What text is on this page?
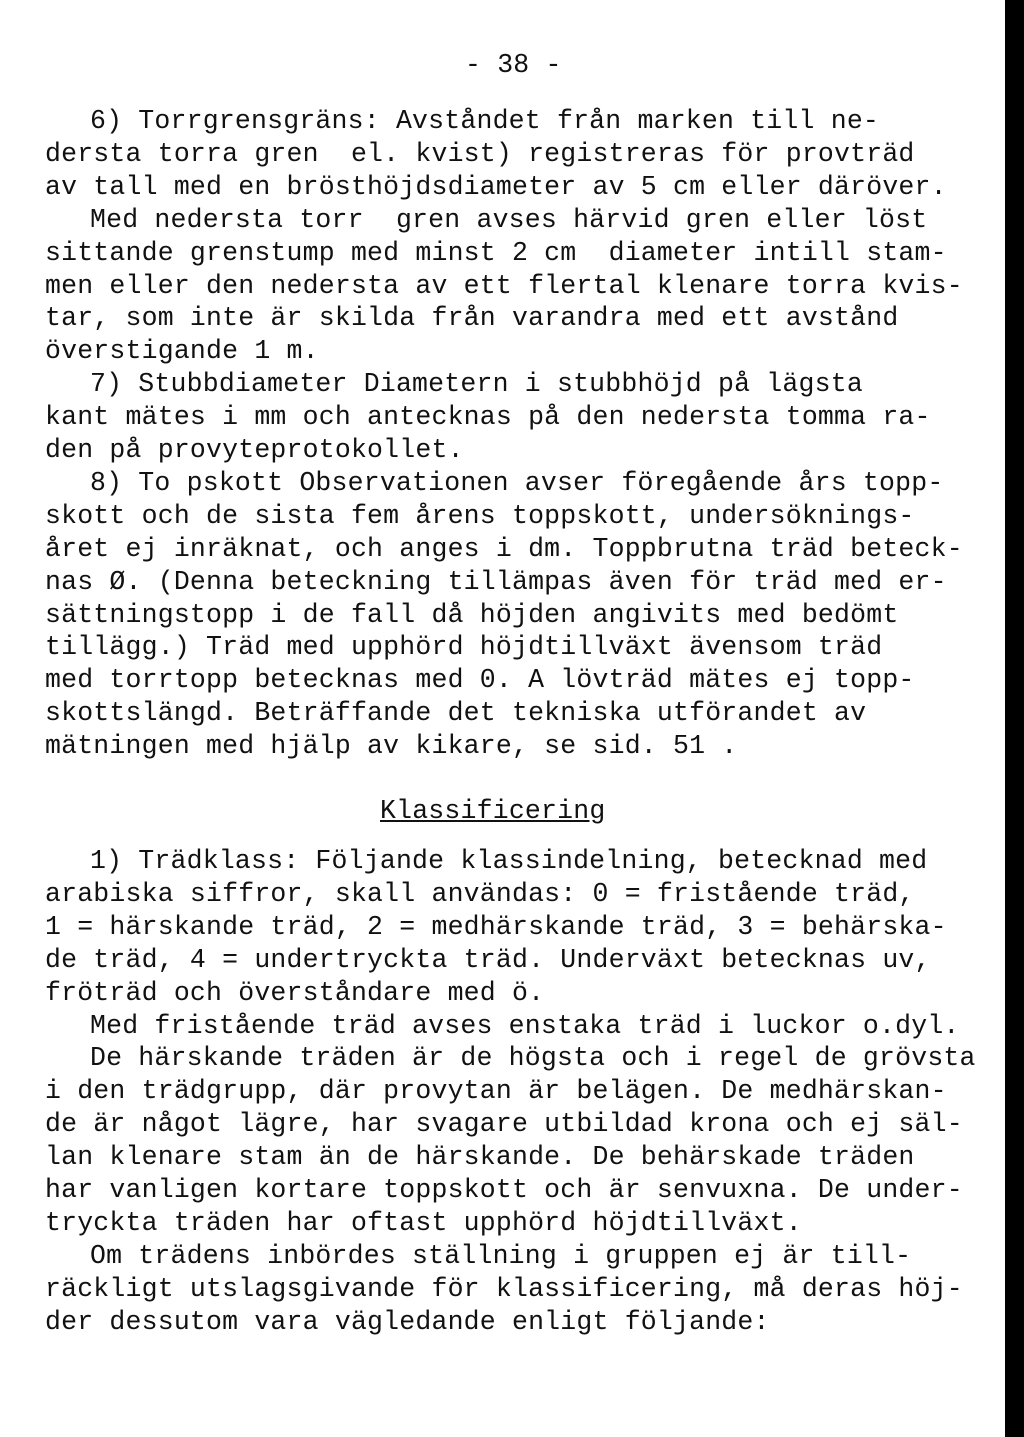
- 38 -
6) Torrgrensgräns: Avståndet från marken till ne-
dersta torra gren  el. kvist) registreras för provträd
av tall med en brösthöjdsdiameter av 5 cm eller däröver.
Med nedersta torr  gren avses härvid gren eller löst
sittande grenstump med minst 2 cm  diameter intill stam-
men eller den nedersta av ett flertal klenare torra kvis-
tar, som inte är skilda från varandra med ett avstånd
överstigande 1 m.
7) Stubbdiameter Diametern i stubbhöjd på lägsta
kant mätes i mm och antecknas på den nedersta tomma ra-
den på provyteprotokollet.
8) To pskott Observationen avser föregående års topp-
skott och de sista fem årens toppskott, undersöknings-
året ej inräknat, och anges i dm. Toppbrutna träd beteck-
nas Ø. (Denna beteckning tillämpas även för träd med er-
sättningstopp i de fall då höjden angivits med bedömt
tillägg.) Träd med upphörd höjdtillväxt ävensom träd
med torrtopp betecknas med 0. A lövträd mätes ej topp-
skottslängd. Beträffande det tekniska utförandet av
mätningen med hjälp av kikare, se sid. 51 .
Klassificering
1) Trädklass: Följande klassindelning, betecknad med
arabiska siffror, skall användas: 0 = fristående träd,
1 = härskande träd, 2 = medhärskande träd, 3 = behärska-
de träd, 4 = undertryckta träd. Underväxt betecknas uv,
fröträd och överståndare med ö.
Med fristående träd avses enstaka träd i luckor o.dyl.
De härskande träden är de högsta och i regel de grövsta
i den trädgrupp, där provytan är belägen. De medhärskan-
de är något lägre, har svagare utbildad krona och ej säl-
lan klenare stam än de härskande. De behärskade träden
har vanligen kortare toppskott och är senvuxna. De under-
tryckta träden har oftast upphörd höjdtillväxt.
Om trädens inbördes ställning i gruppen ej är till-
räckligt utslagsgivande för klassificering, må deras höj-
der dessutom vara vägledande enligt följande:
